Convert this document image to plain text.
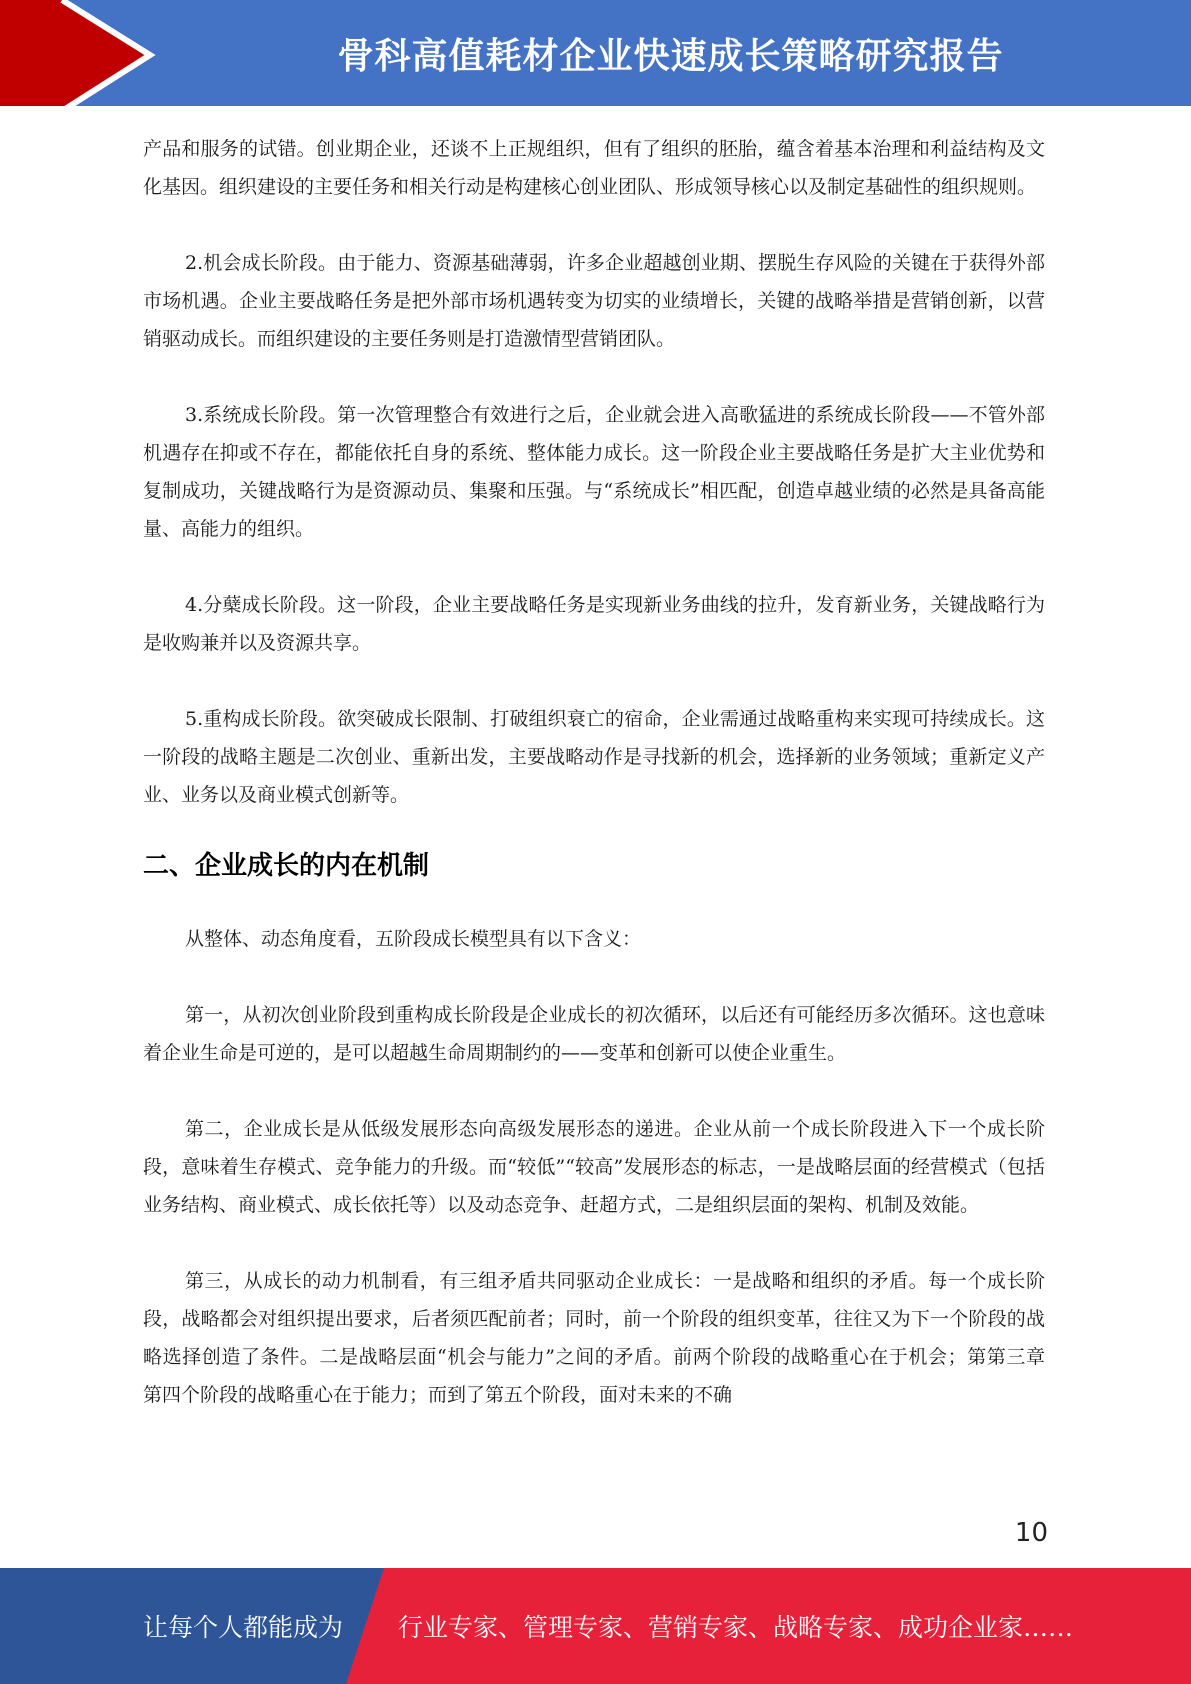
骨科高值耗材企业快速成长策略研究报告

产品和服务的试错。创业期企业，还谈不上正规组织，但有了组织的胚胎，蕴含着基本治理和利益结构及文化基因。组织建设的主要任务和相关行动是构建核心创业团队、形成领导核心以及制定基础性的组织规则。

2.机会成长阶段。由于能力、资源基础薄弱，许多企业超越创业期、摆脱生存风险的关键在于获得外部市场机遇。企业主要战略任务是把外部市场机遇转变为切实的业绩增长，关键的战略举措是营销创新，以营销驱动成长。而组织建设的主要任务则是打造激情型营销团队。

3.系统成长阶段。第一次管理整合有效进行之后，企业就会进入高歌猛进的系统成长阶段——不管外部机遇存在抑或不存在，都能依托自身的系统、整体能力成长。这一阶段企业主要战略任务是扩大主业优势和复制成功，关键战略行为是资源动员、集聚和压强。与“系统成长”相匹配，创造卓越业绩的必然是具备高能量、高能力的组织。

4.分蘖成长阶段。这一阶段，企业主要战略任务是实现新业务曲线的拉升，发育新业务，关键战略行为是收购兼并以及资源共享。

5.重构成长阶段。欲突破成长限制、打破组织衰亡的宿命，企业需通过战略重构来实现可持续成长。这一阶段的战略主题是二次创业、重新出发，主要战略动作是寻找新的机会，选择新的业务领域；重新定义产业、业务以及商业模式创新等。

二、企业成长的内在机制

从整体、动态角度看，五阶段成长模型具有以下含义：

第一，从初次创业阶段到重构成长阶段是企业成长的初次循环，以后还有可能经历多次循环。这也意味着企业生命是可逆的，是可以超越生命周期制约的——变革和创新可以使企业重生。

第二，企业成长是从低级发展形态向高级发展形态的递进。企业从前一个成长阶段进入下一个成长阶段，意味着生存模式、竞争能力的升级。而“较低”“较高”发展形态的标志，一是战略层面的经营模式（包括业务结构、商业模式、成长依托等）以及动态竞争、赶超方式，二是组织层面的架构、机制及效能。

第三，从成长的动力机制看，有三组矛盾共同驱动企业成长：一是战略和组织的矛盾。每一个成长阶段，战略都会对组织提出要求，后者须匹配前者；同时，前一个阶段的组织变革，往往又为下一个阶段的战略选择创造了条件。二是战略层面“机会与能力”之间的矛盾。前两个阶段的战略重心在于机会；第第三章　第四个阶段的战略重心在于能力；而到了第五个阶段，面对未来的不确

10
让每个人都能成为 行业专家、管理专家、营销专家、战略专家、成功企业家……
